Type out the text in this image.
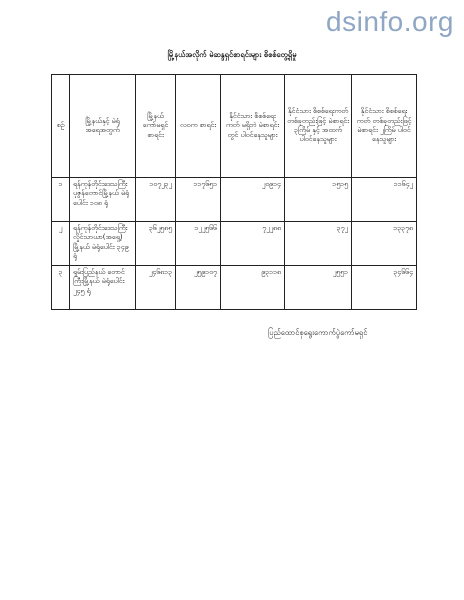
dsinfo.org
မြို့နယ်အလိုက် မဲဆန္ဒရှင်စာရင်းများ စိစစ်တွေ့ရှိမှု
စဉ်	မြို့နယ်နှင့် မဲရုံအရေအတွက်	မြို့နယ် ကော်မရှင် စာရင်း	လဝက စာရင်း	နိုင်ငံသား စိစစ်ရေးကတ် မရှိဘဲ မဲစာရင်းတွင် ပါဝင်နေသူများ	နိုင်ငံသား စိစစ်ရေးကတ် တစ်ခုတည်းဖြင့် မဲစာရင်း ၃ကြိမ် နှင့် အထက် ပါဝင်နေသူများ	နိုင်ငံသား စိစစ်ရေးကတ် တစ်ခုတည်းဖြင့် မဲစာရင်း ၂ကြိမ် ပါဝင်နေသူများ
၁	ရန်ကုန်တိုင်းဒေသကြီး ပုဇွန်တောင်မြို့နယ် မဲရုံပေါင်း ၁၀၈ ရုံ	၁၀၇၂၃၂	၁၁၇၆၅၁	၂၀၉၁၄	၁၅၁၅	၁၁၆၄၂
၂	ရန်ကုန်တိုင်းဒေသကြီး လှိုင်သာယာ(အရှေ့) မြို့နယ် မဲရုံပေါင်း ၃၄၉ ရုံ	၃၆၂၅၈၅	၁၂၂၅၆၆	၇၂၂၈၈	၃၇၂	၁၃၃၇၈
၃	ရှမ်းပြည်နယ် တောင်ကြီးမြို့နယ် မဲရုံပေါင်း ၂၄၅ ရုံ	၂၄၆၈၁၃	၂၅၉၁၀၇	၉၃၁၁၈	၂၅၅၁	၃၄၆၆၄
ပြည်ထောင်စုရွေးကောက်ပွဲကော်မရှင်
